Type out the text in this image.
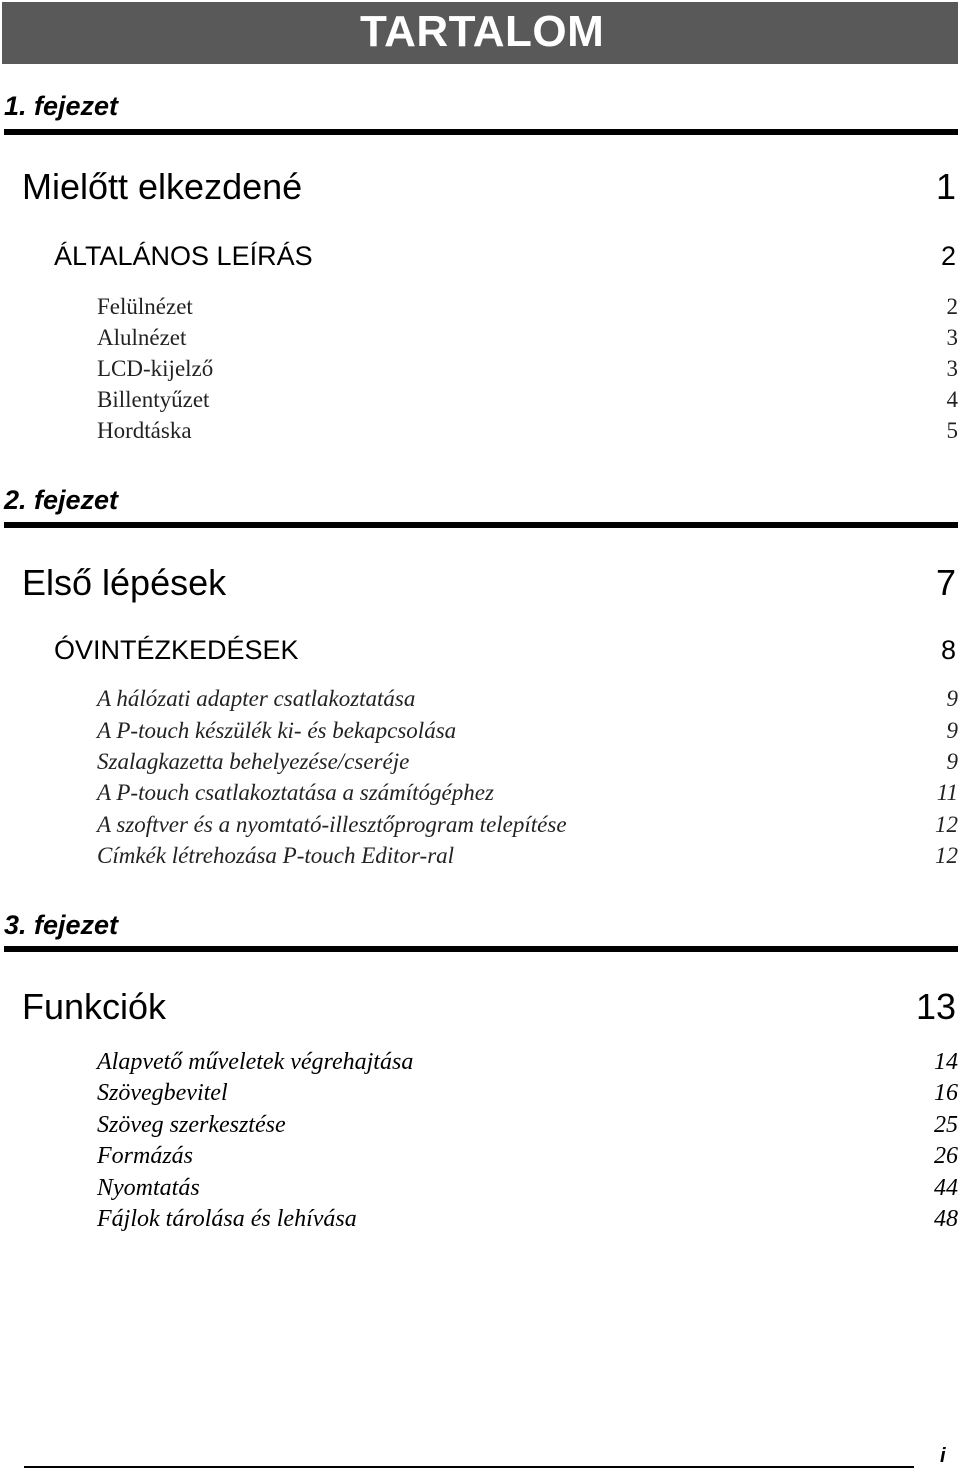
TARTALOM
1. fejezet
Mielőtt elkezdené	1
ÁLTALÁNOS LEÍRÁS	2
Felülnézet	2
Alulnézet	3
LCD-kijelző	3
Billentyűzet	4
Hordtáska	5
2. fejezet
Első lépések	7
ÓVINTÉZKEDÉSEK	8
A hálózati adapter csatlakoztatása	9
A P-touch készülék ki- és bekapcsolása	9
Szalagkazetta behelyezése/cseréje	9
A P-touch csatlakoztatása a számítógéphez	11
A szoftver és a nyomtató-illesztőprogram telepítése	12
Címkék létrehozása P-touch Editor-ral	12
3. fejezet
Funkciók	13
Alapvető műveletek végrehajtása	14
Szövegbevitel	16
Szöveg szerkesztése	25
Formázás	26
Nyomtatás	44
Fájlok tárolása és lehívása	48
i
